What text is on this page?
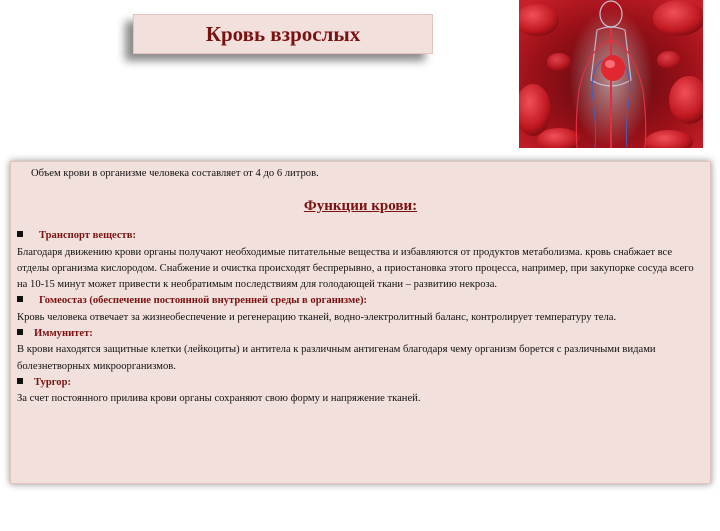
Кровь взрослых

Объем крови в организме человека составляет от 4 до 6 литров.

Функции крови:
Транспорт веществ:

Благодаря движению крови органы получают необходимые питательные вещества и избавляются от продуктов метаболизма. кровь снабжает все отделы организма кислородом. Снабжение и очистка происходят беспрерывно, а приостановка этого процесса, например, при закупорке сосуда всего на 10-15 минут может привести к необратимым последствиям для голодающей ткани – развитию некроза.

Гомеостаз (обеспечение постоянной внутренней среды в организме):

Кровь человека отвечает за жизнеобеспечение и регенерацию тканей, водно-электролитный баланс, контролирует температуру тела.

Иммунитет:

В крови находятся защитные клетки (лейкоциты) и антитела к различным антигенам благодаря чему организм борется с различными видами болезнетворных микроорганизмов.

Тургор:

За счет постоянного прилива крови органы сохраняют свою форму и напряжение тканей.
